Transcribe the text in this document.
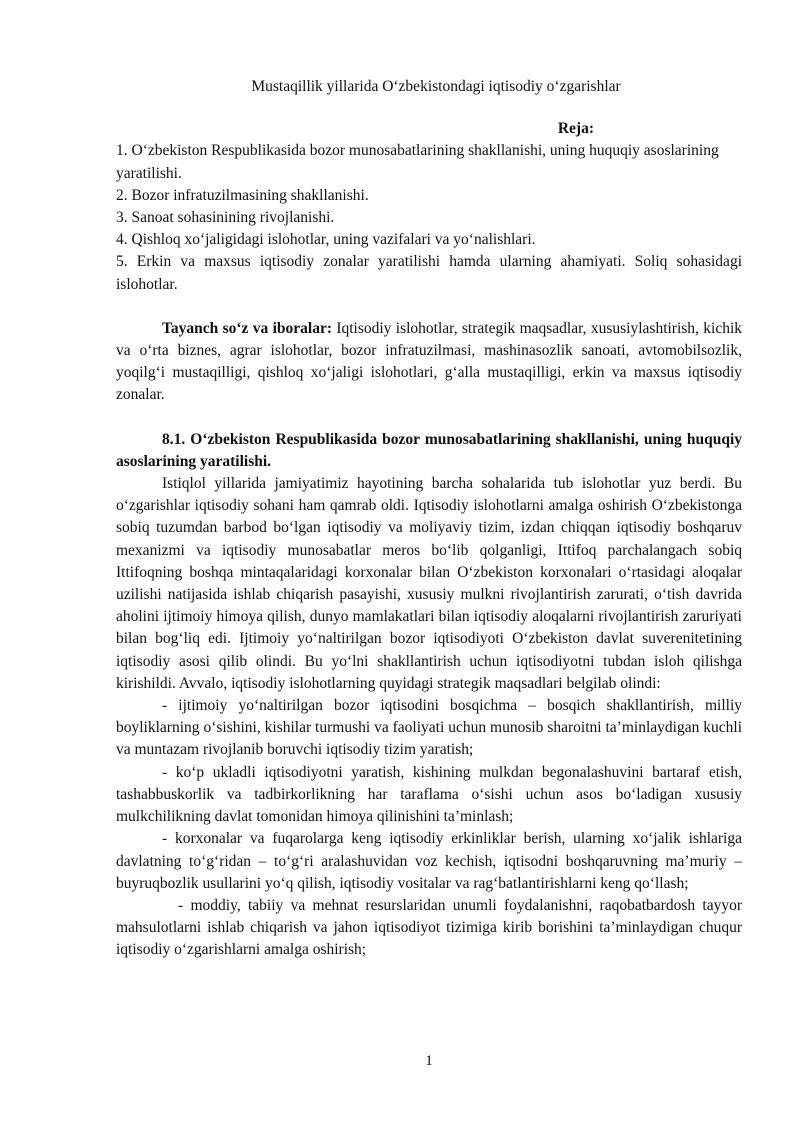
Mustaqillik yillarida O‘zbekistondagi iqtisodiy o‘zgarishlar

Reja:

1. O‘zbekiston Respublikasida bozor munosabatlarining shakllanishi, uning huquqiy asoslarining yaratilishi.

2. Bozor infratuzilmasining shakllanishi.

3. Sanoat sohasinining rivojlanishi.

4. Qishloq xo‘jaligidagi islohotlar, uning vazifalari va yo‘nalishlari.

5. Erkin va maxsus iqtisodiy zonalar yaratilishi hamda ularning ahamiyati. Soliq sohasidagi islohotlar.

Tayanch so‘z va iboralar: Iqtisodiy islohotlar, strategik maqsadlar, xususiylashtirish, kichik va o‘rta biznes, agrar islohotlar, bozor infratuzilmasi, mashinasozlik sanoati, avtomobilsozlik, yoqilg‘i mustaqilligi, qishloq xo‘jaligi islohotlari, g‘alla mustaqilligi, erkin va maxsus iqtisodiy zonalar.

8.1. O‘zbekiston Respublikasida bozor munosabatlarining shakllanishi, uning huquqiy asoslarining yaratilishi.

Istiqlol yillarida jamiyatimiz hayotining barcha sohalarida tub islohotlar yuz berdi. Bu o‘zgarishlar iqtisodiy sohani ham qamrab oldi. Iqtisodiy islohotlarni amalga oshirish O‘zbekistonga sobiq tuzumdan barbod bo‘lgan iqtisodiy va moliyaviy tizim, izdan chiqqan iqtisodiy boshqaruv mexanizmi va iqtisodiy munosabatlar meros bo‘lib qolganligi, Ittifoq parchalangach sobiq Ittifoqning boshqa mintaqalaridagi korxonalar bilan O‘zbekiston korxonalari o‘rtasidagi aloqalar uzilishi natijasida ishlab chiqarish pasayishi, xususiy mulkni rivojlantirish zarurati, o‘tish davrida aholini ijtimoiy himoya qilish, dunyo mamlakatlari bilan iqtisodiy aloqalarni rivojlantirish zaruriyati bilan bog‘liq edi. Ijtimoiy yo‘naltirilgan bozor iqtisodiyoti O‘zbekiston davlat suverenitetining iqtisodiy asosi qilib olindi. Bu yo‘lni shakllantirish uchun iqtisodiyotni tubdan isloh qilishga kirishildi. Avvalo, iqtisodiy islohotlarning quyidagi strategik maqsadlari belgilab olindi:

- ijtimoiy yo‘naltirilgan bozor iqtisodini bosqichma – bosqich shakllantirish, milliy boyliklarning o‘sishini, kishilar turmushi va faoliyati uchun munosib sharoitni ta’minlaydigan kuchli va muntazam rivojlanib boruvchi iqtisodiy tizim yaratish;

- ko‘p ukladli iqtisodiyotni yaratish, kishining mulkdan begonalashuvini bartaraf etish, tashabbuskorlik va tadbirkorlikning har taraflama o‘sishi uchun asos bo‘ladigan xususiy mulkchilikning davlat tomonidan himoya qilinishini ta’minlash;

- korxonalar va fuqarolarga keng iqtisodiy erkinliklar berish, ularning xo‘jalik ishlariga davlatning to‘g‘ridan – to‘g‘ri aralashuvidan voz kechish, iqtisodni boshqaruvning ma’muriy – buyruqbozlik usullarini yo‘q qilish, iqtisodiy vositalar va rag‘batlantirishlarni keng qo‘llash;

- moddiy, tabiiy va mehnat resurslaridan unumli foydalanishni, raqobatbardosh tayyor mahsulotlarni ishlab chiqarish va jahon iqtisodiyot tizimiga kirib borishini ta’minlaydigan chuqur iqtisodiy o‘zgarishlarni amalga oshirish;

1
